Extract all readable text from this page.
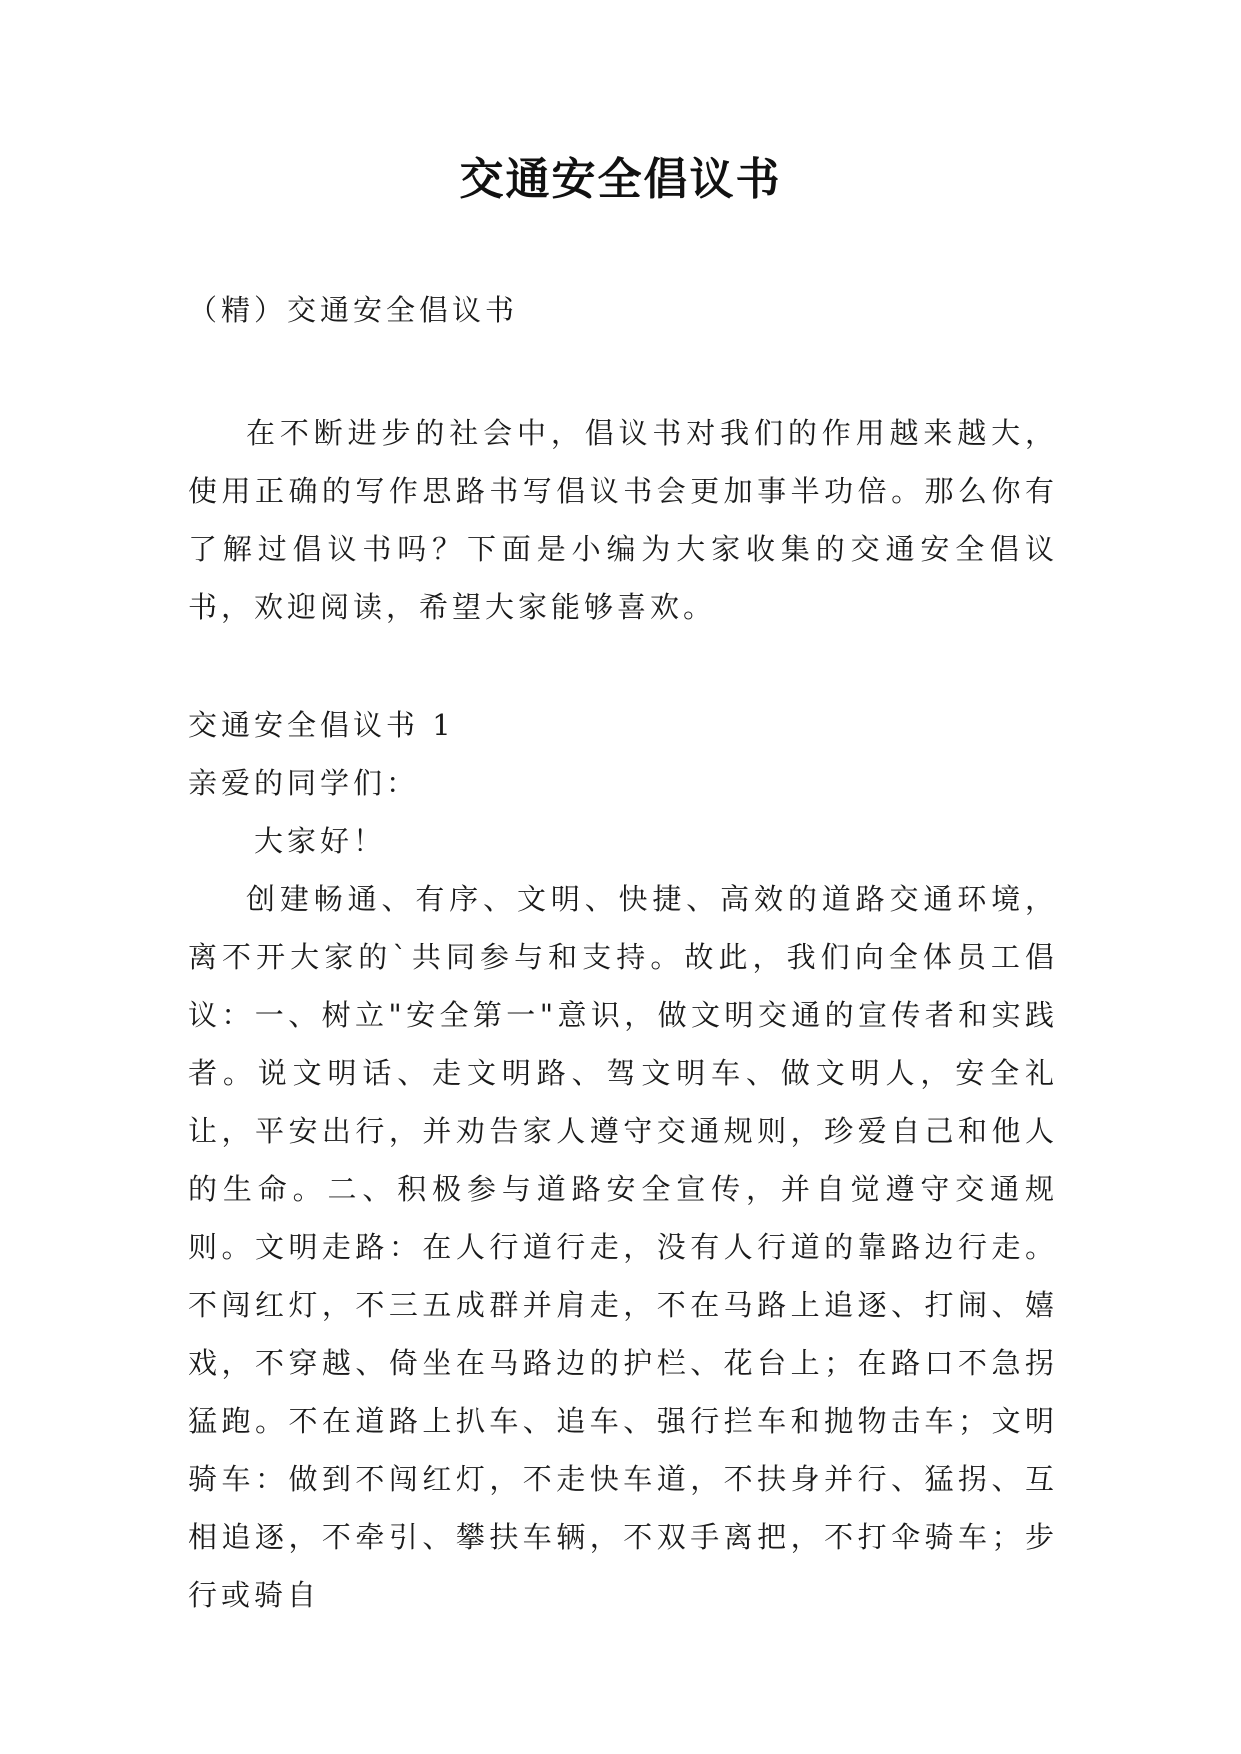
交通安全倡议书
（精）交通安全倡议书

在不断进步的社会中，倡议书对我们的作用越来越大，使用正确的写作思路书写倡议书会更加事半功倍。那么你有了解过倡议书吗？下面是小编为大家收集的交通安全倡议书，欢迎阅读，希望大家能够喜欢。

交通安全倡议书 1
亲爱的同学们：
大家好！

创建畅通、有序、文明、快捷、高效的道路交通环境，离不开大家的`共同参与和支持。故此，我们向全体员工倡议：一、树立"安全第一"意识，做文明交通的宣传者和实践者。说文明话、走文明路、驾文明车、做文明人，安全礼让，平安出行，并劝告家人遵守交通规则，珍爱自己和他人的生命。二、积极参与道路安全宣传，并自觉遵守交通规则。文明走路：在人行道行走，没有人行道的靠路边行走。不闯红灯，不三五成群并肩走，不在马路上追逐、打闹、嬉戏，不穿越、倚坐在马路边的护栏、花台上；在路口不急拐猛跑。不在道路上扒车、追车、强行拦车和抛物击车；文明骑车：做到不闯红灯，不走快车道，不扶身并行、猛拐、互相追逐，不牵引、攀扶车辆，不双手离把，不打伞骑车；步行或骑自
